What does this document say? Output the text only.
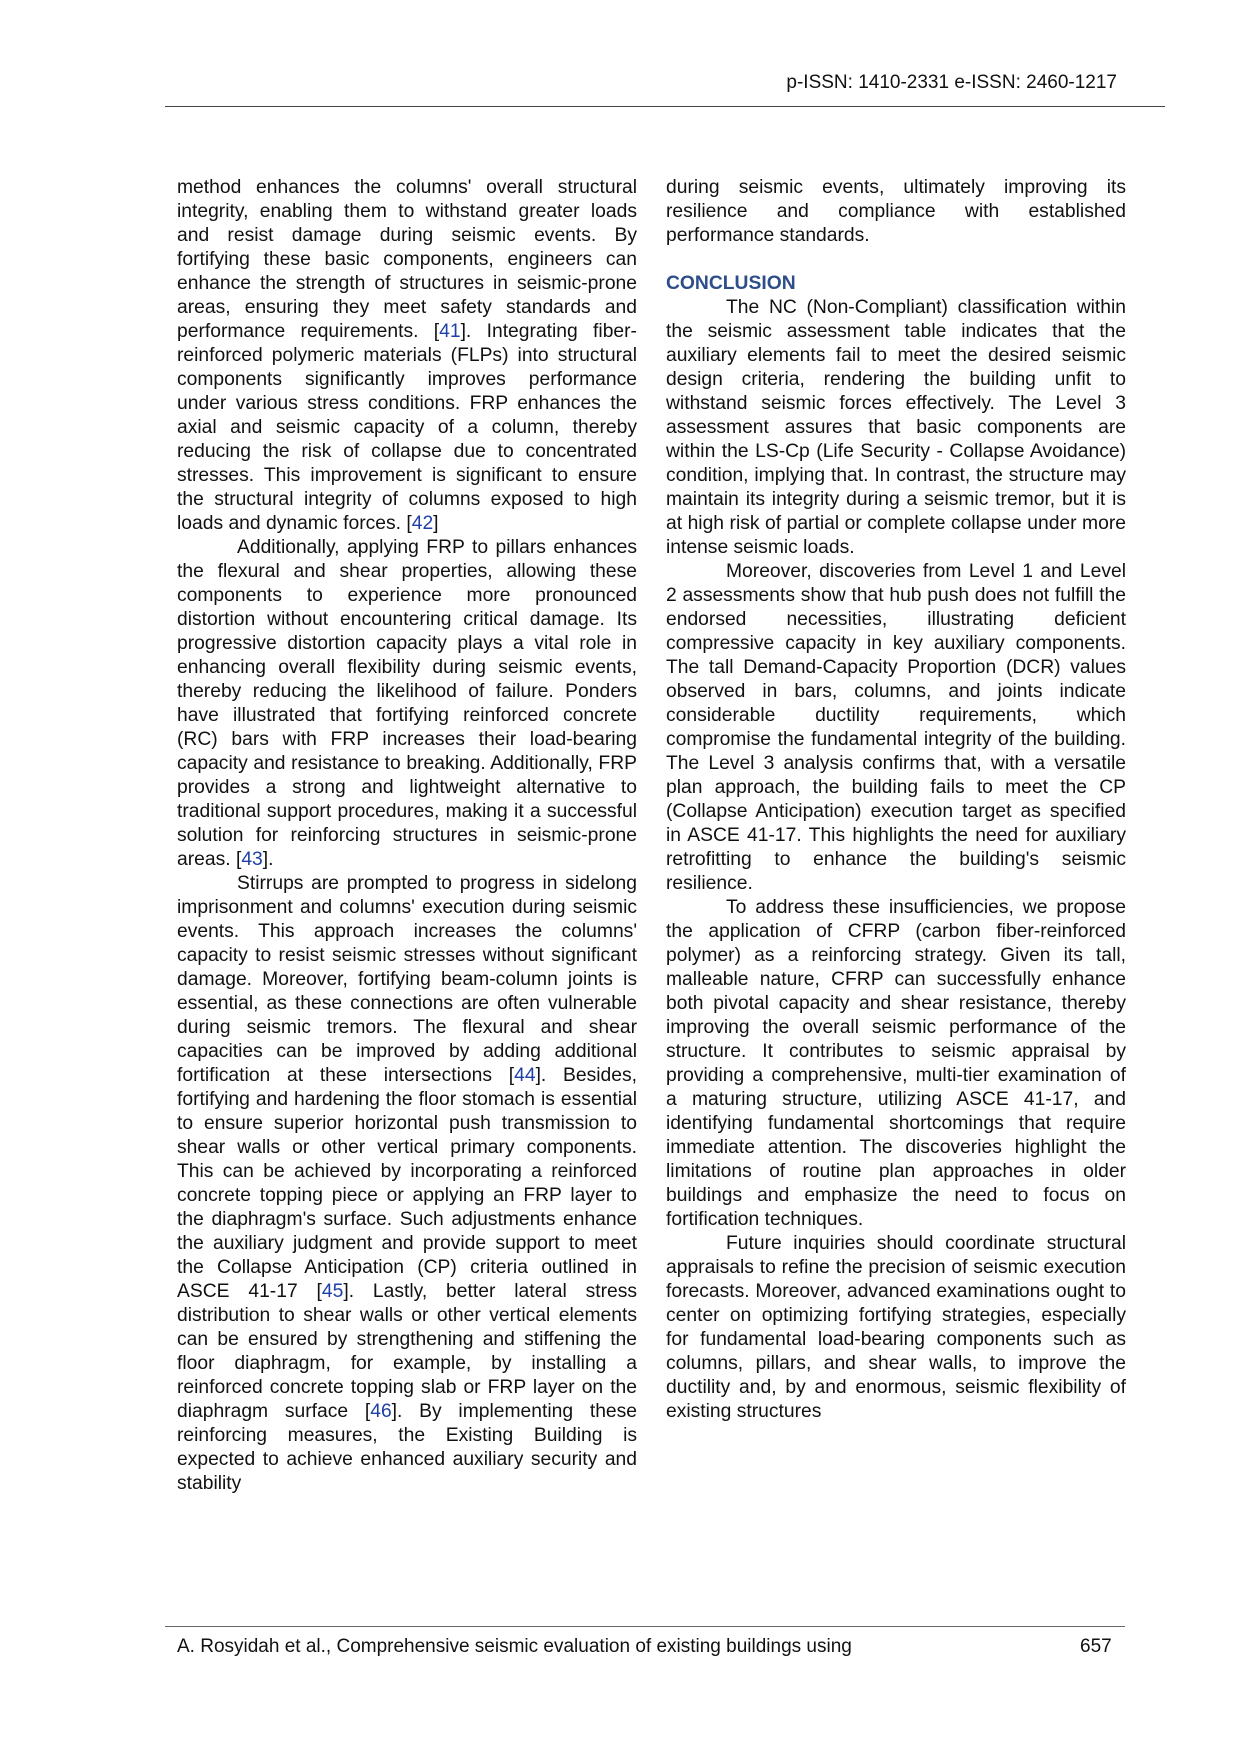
p-ISSN: 1410-2331 e-ISSN: 2460-1217

method enhances the columns' overall structural integrity, enabling them to withstand greater loads and resist damage during seismic events. By fortifying these basic components, engineers can enhance the strength of structures in seismic-prone areas, ensuring they meet safety standards and performance requirements. [41]. Integrating fiber-reinforced polymeric materials (FLPs) into structural components significantly improves performance under various stress conditions. FRP enhances the axial and seismic capacity of a column, thereby reducing the risk of collapse due to concentrated stresses. This improvement is significant to ensure the structural integrity of columns exposed to high loads and dynamic forces. [42]

Additionally, applying FRP to pillars enhances the flexural and shear properties, allowing these components to experience more pronounced distortion without encountering critical damage. Its progressive distortion capacity plays a vital role in enhancing overall flexibility during seismic events, thereby reducing the likelihood of failure. Ponders have illustrated that fortifying reinforced concrete (RC) bars with FRP increases their load-bearing capacity and resistance to breaking. Additionally, FRP provides a strong and lightweight alternative to traditional support procedures, making it a successful solution for reinforcing structures in seismic-prone areas. [43].

Stirrups are prompted to progress in sidelong imprisonment and columns' execution during seismic events. This approach increases the columns' capacity to resist seismic stresses without significant damage. Moreover, fortifying beam-column joints is essential, as these connections are often vulnerable during seismic tremors. The flexural and shear capacities can be improved by adding additional fortification at these intersections [44]. Besides, fortifying and hardening the floor stomach is essential to ensure superior horizontal push transmission to shear walls or other vertical primary components. This can be achieved by incorporating a reinforced concrete topping piece or applying an FRP layer to the diaphragm's surface. Such adjustments enhance the auxiliary judgment and provide support to meet the Collapse Anticipation (CP) criteria outlined in ASCE 41-17 [45]. Lastly, better lateral stress distribution to shear walls or other vertical elements can be ensured by strengthening and stiffening the floor diaphragm, for example, by installing a reinforced concrete topping slab or FRP layer on the diaphragm surface [46]. By implementing these reinforcing measures, the Existing Building is expected to achieve enhanced auxiliary security and stability

during seismic events, ultimately improving its resilience and compliance with established performance standards.

CONCLUSION

The NC (Non-Compliant) classification within the seismic assessment table indicates that the auxiliary elements fail to meet the desired seismic design criteria, rendering the building unfit to withstand seismic forces effectively. The Level 3 assessment assures that basic components are within the LS-Cp (Life Security - Collapse Avoidance) condition, implying that. In contrast, the structure may maintain its integrity during a seismic tremor, but it is at high risk of partial or complete collapse under more intense seismic loads.

Moreover, discoveries from Level 1 and Level 2 assessments show that hub push does not fulfill the endorsed necessities, illustrating deficient compressive capacity in key auxiliary components. The tall Demand-Capacity Proportion (DCR) values observed in bars, columns, and joints indicate considerable ductility requirements, which compromise the fundamental integrity of the building. The Level 3 analysis confirms that, with a versatile plan approach, the building fails to meet the CP (Collapse Anticipation) execution target as specified in ASCE 41-17. This highlights the need for auxiliary retrofitting to enhance the building's seismic resilience.

To address these insufficiencies, we propose the application of CFRP (carbon fiber-reinforced polymer) as a reinforcing strategy. Given its tall, malleable nature, CFRP can successfully enhance both pivotal capacity and shear resistance, thereby improving the overall seismic performance of the structure. It contributes to seismic appraisal by providing a comprehensive, multi-tier examination of a maturing structure, utilizing ASCE 41-17, and identifying fundamental shortcomings that require immediate attention. The discoveries highlight the limitations of routine plan approaches in older buildings and emphasize the need to focus on fortification techniques.

Future inquiries should coordinate structural appraisals to refine the precision of seismic execution forecasts. Moreover, advanced examinations ought to center on optimizing fortifying strategies, especially for fundamental load-bearing components such as columns, pillars, and shear walls, to improve the ductility and, by and enormous, seismic flexibility of existing structures

A. Rosyidah et al., Comprehensive seismic evaluation of existing buildings using	657
